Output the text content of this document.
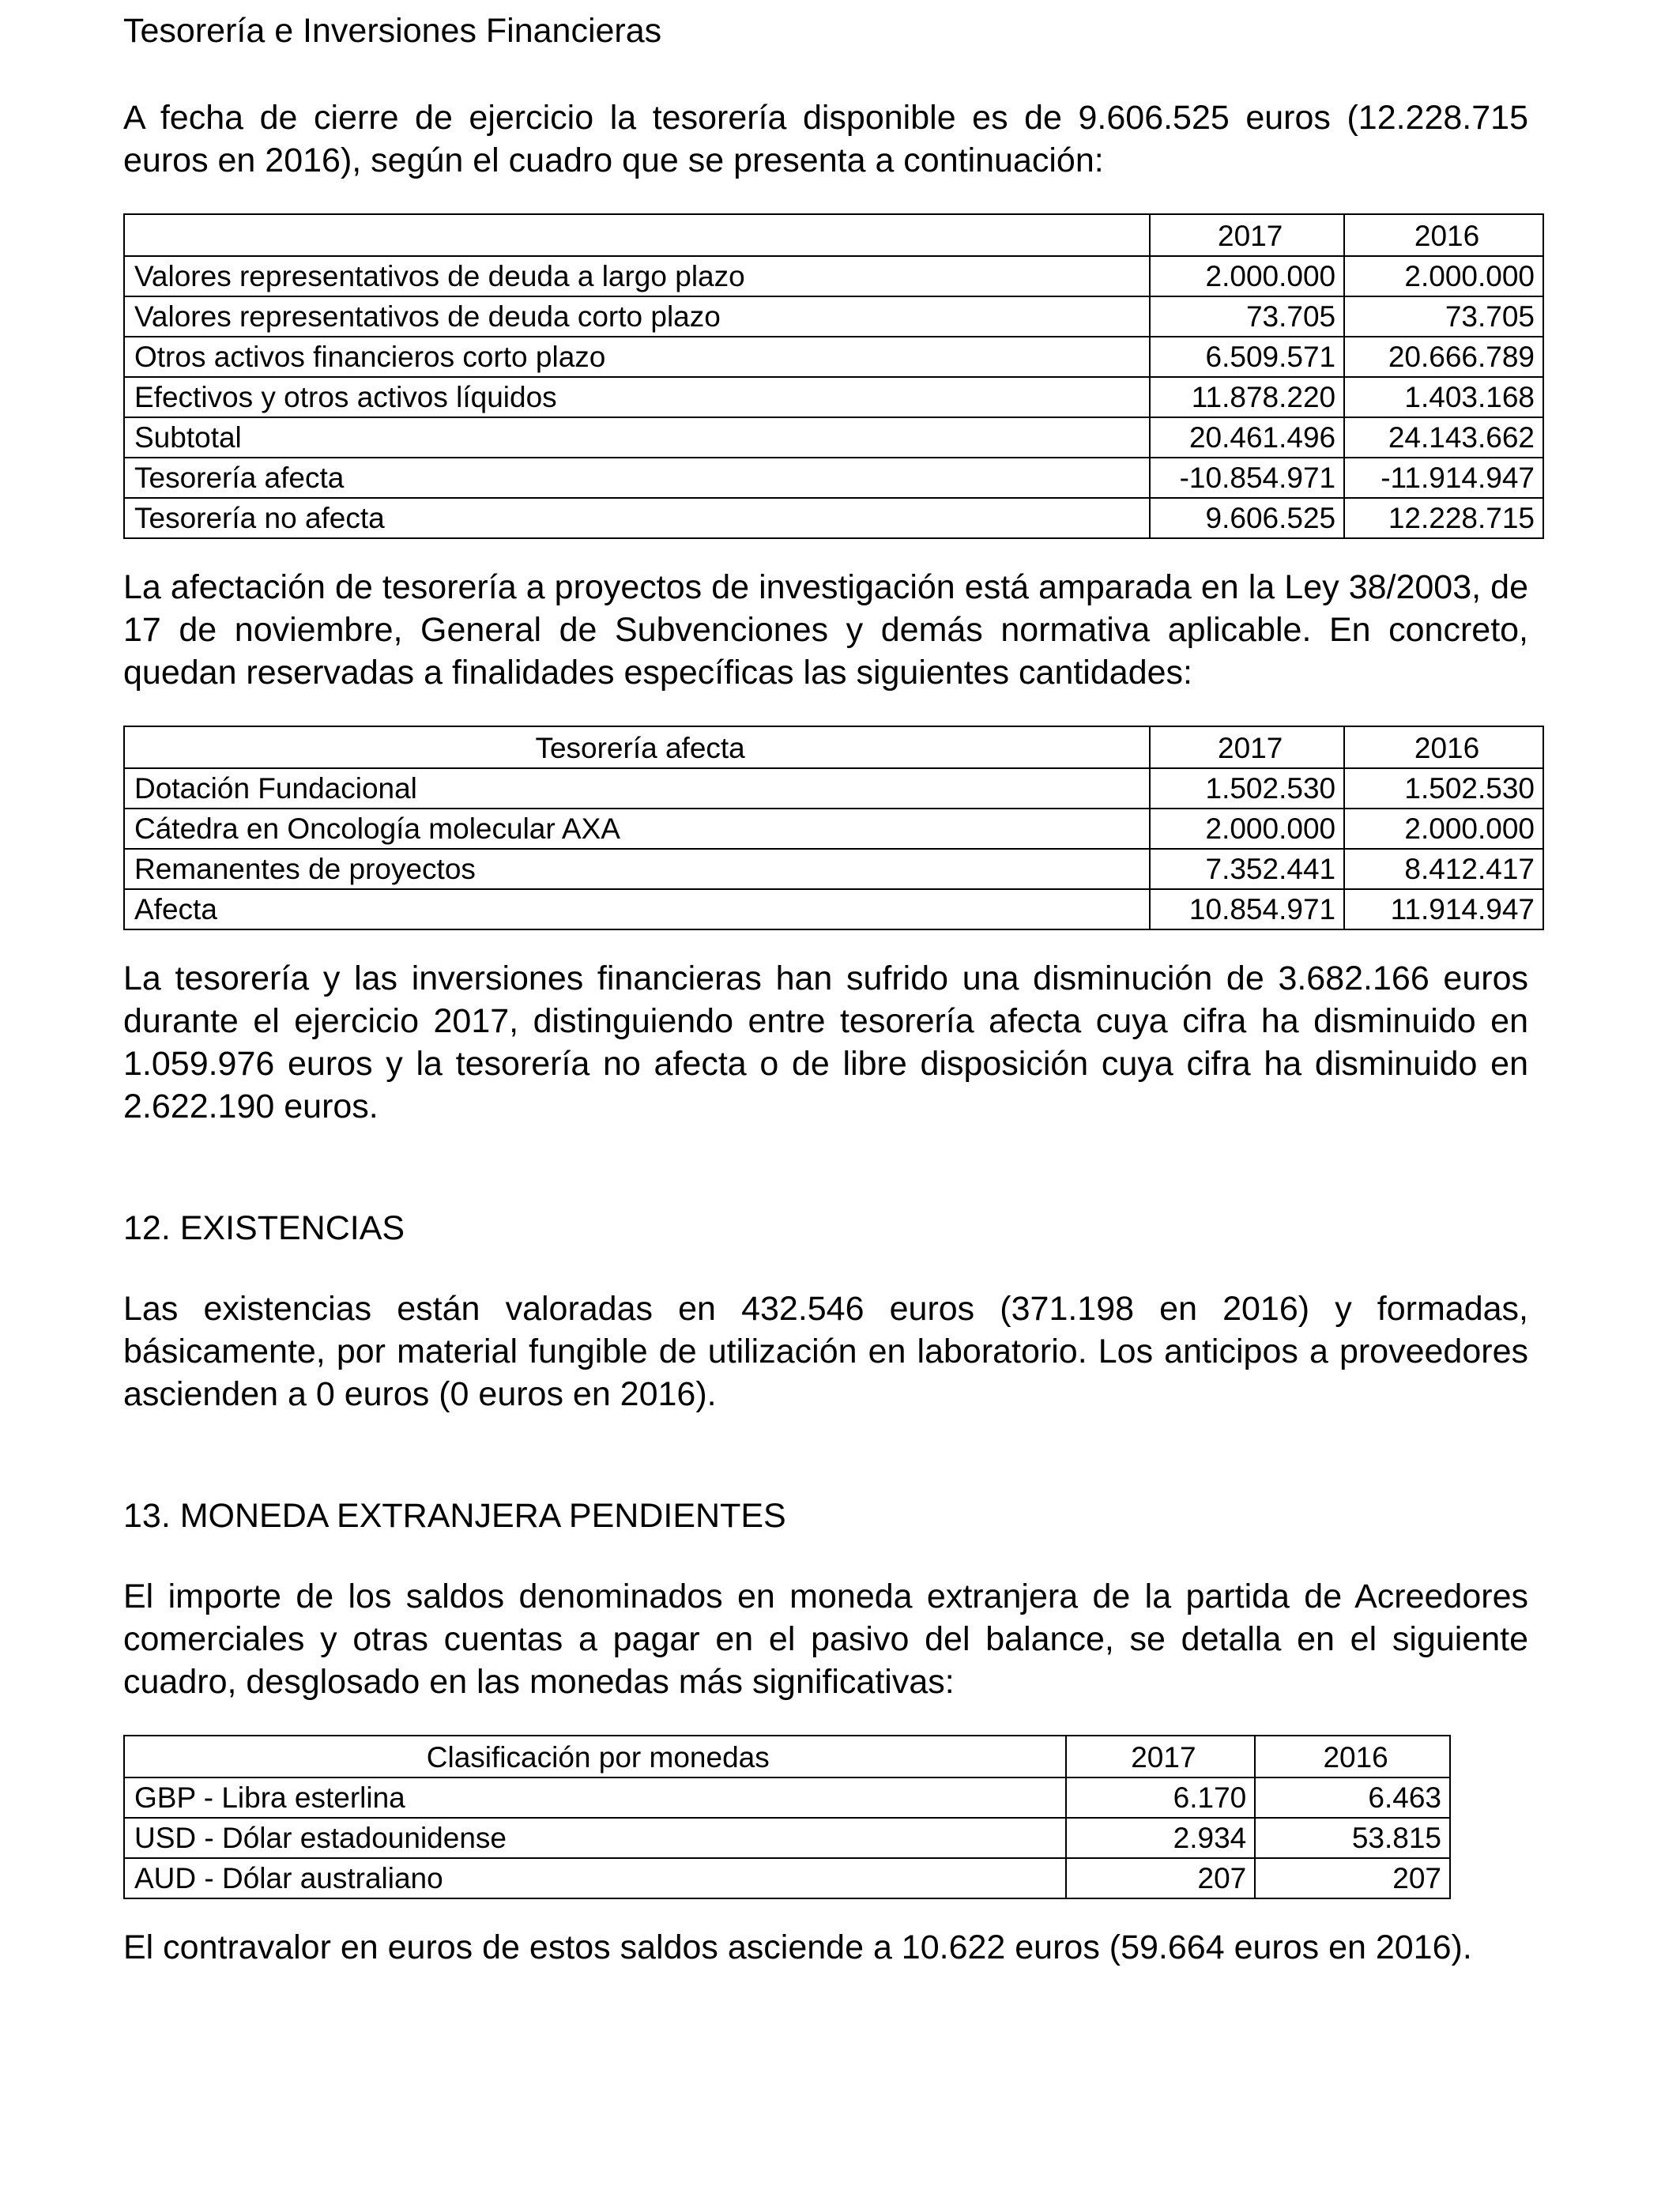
Tesorería e Inversiones Financieras

A fecha de cierre de ejercicio la tesorería disponible es de 9.606.525 euros (12.228.715 euros en 2016), según el cuadro que se presenta a continuación:

	2017	2016
Valores representativos de deuda a largo plazo	2.000.000	2.000.000
Valores representativos de deuda corto plazo	73.705	73.705
Otros activos financieros corto plazo	6.509.571	20.666.789
Efectivos y otros activos líquidos	11.878.220	1.403.168
Subtotal	20.461.496	24.143.662
Tesorería afecta	-10.854.971	-11.914.947
Tesorería no afecta	9.606.525	12.228.715

La afectación de tesorería a proyectos de investigación está amparada en la Ley 38/2003, de 17 de noviembre, General de Subvenciones y demás normativa aplicable. En concreto, quedan reservadas a finalidades específicas las siguientes cantidades:

Tesorería afecta	2017	2016
Dotación Fundacional	1.502.530	1.502.530
Cátedra en Oncología molecular AXA	2.000.000	2.000.000
Remanentes de proyectos	7.352.441	8.412.417
Afecta	10.854.971	11.914.947

La tesorería y las inversiones financieras han sufrido una disminución de 3.682.166 euros durante el ejercicio 2017, distinguiendo entre tesorería afecta cuya cifra ha disminuido en 1.059.976 euros y la tesorería no afecta o de libre disposición cuya cifra ha disminuido en 2.622.190 euros.

12. EXISTENCIAS

Las existencias están valoradas en 432.546 euros (371.198 en 2016) y formadas, básicamente, por material fungible de utilización en laboratorio. Los anticipos a proveedores ascienden a 0 euros (0 euros en 2016).

13. MONEDA EXTRANJERA PENDIENTES

El importe de los saldos denominados en moneda extranjera de la partida de Acreedores comerciales y otras cuentas a pagar en el pasivo del balance, se detalla en el siguiente cuadro, desglosado en las monedas más significativas:

Clasificación por monedas	2017	2016
GBP - Libra esterlina	6.170	6.463
USD - Dólar estadounidense	2.934	53.815
AUD - Dólar australiano	207	207

El contravalor en euros de estos saldos asciende a 10.622 euros (59.664 euros en 2016).
